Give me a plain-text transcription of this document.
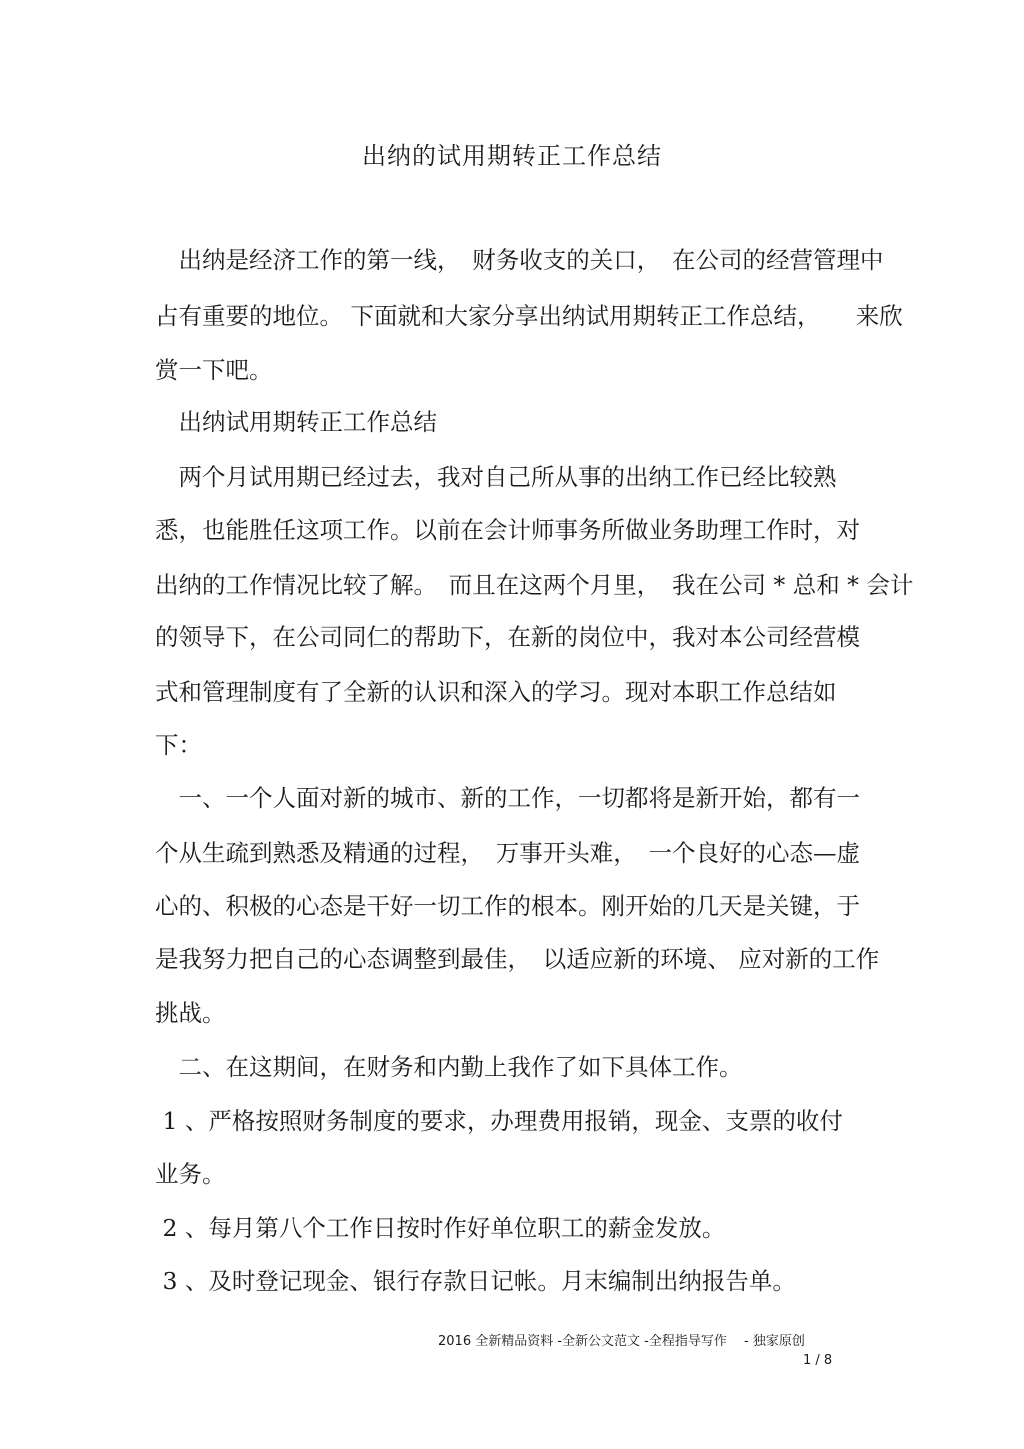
出纳的试用期转正工作总结
　出纳是经济工作的第一线，　财务收支的关口，　在公司的经营管理中
占有重要的地位。 下面就和大家分享出纳试用期转正工作总结，　　来欣
赏一下吧。
　出纳试用期转正工作总结
　两个月试用期已经过去，我对自己所从事的出纳工作已经比较熟
悉，也能胜任这项工作。以前在会计师事务所做业务助理工作时，对
出纳的工作情况比较了解。　而且在这两个月里，　我在公司 * 总和 * 会计
的领导下，在公司同仁的帮助下，在新的岗位中，我对本公司经营模
式和管理制度有了全新的认识和深入的学习。现对本职工作总结如
下：
　一、一个人面对新的城市、新的工作，一切都将是新开始，都有一
个从生疏到熟悉及精通的过程，　万事开头难，　一个良好的心态—虚
心的、积极的心态是干好一切工作的根本。刚开始的几天是关键，于
是我努力把自己的心态调整到最佳，　以适应新的环境、 应对新的工作
挑战。
　二、在这期间，在财务和内勤上我作了如下具体工作。
1 、严格按照财务制度的要求，办理费用报销，现金、支票的收付
业务。
2 、每月第八个工作日按时作好单位职工的薪金发放。
3 、及时登记现金、银行存款日记帐。月末编制出纳报告单。
2016 全新精品资料 -全新公文范文 -全程指导写作　 - 独家原创
1 / 8
